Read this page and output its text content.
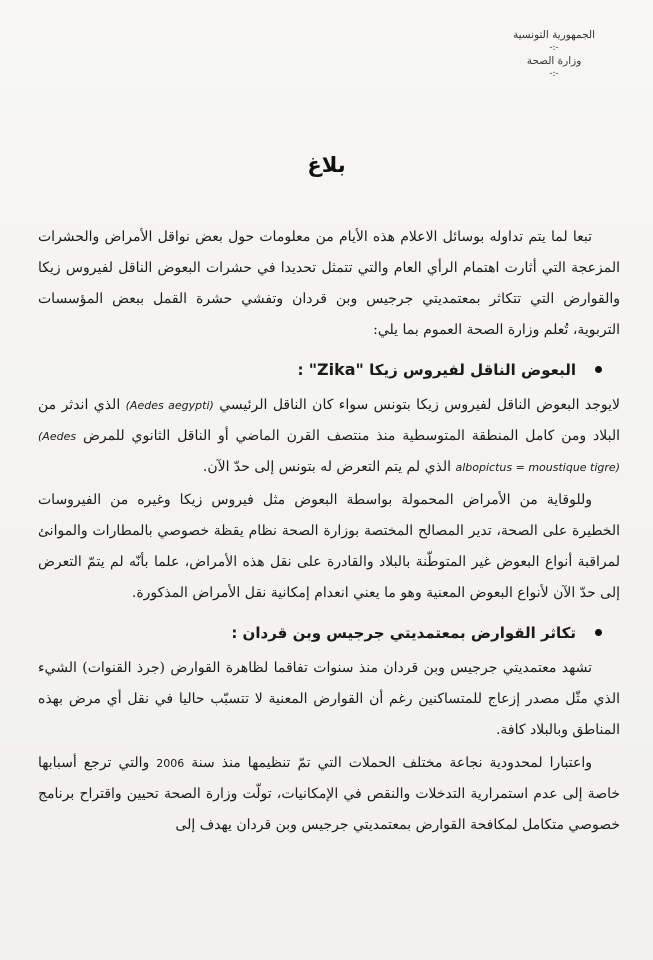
الجمهورية التونسية
-:-
وزارة الصحة
-:-
بلاغ

تبعا لما يتم تداوله بوسائل الاعلام هذه الأيام من معلومات حول بعض نواقل الأمراض والحشرات المزعجة التي أثارت اهتمام الرأي العام والتي تتمثل تحديدا في حشرات البعوض الناقل لفيروس زيكا والقوارض التي تتكاثر بمعتمديتي جرجيس وبن قردان وتفشي حشرة القمل ببعض المؤسسات التربوية، تُعلم وزارة الصحة العموم بما يلي:

البعوض الناقل لفيروس زيكا "Zika" :

لايوجد البعوض الناقل لفيروس زيكا بتونس سواء كان الناقل الرئيسي (Aedes aegypti) الذي اندثر من البلاد ومن كامل المنطقة المتوسطية منذ منتصف القرن الماضي أو الناقل الثانوي للمرض (Aedes albopictus = moustique tigre) الذي لم يتم التعرض له بتونس إلى حدّ الآن.

وللوقاية من الأمراض المحمولة بواسطة البعوض مثل فيروس زيكا وغيره من الفيروسات الخطيرة على الصحة، تدير المصالح المختصة بوزارة الصحة نظام يقظة خصوصي بالمطارات والموانئ لمراقبة أنواع البعوض غير المتوطّنة بالبلاد والقادرة على نقل هذه الأمراض، علما بأنّه لم يتمّ التعرض إلى حدّ الآن لأنواع البعوض المعنية وهو ما يعني انعدام إمكانية نقل الأمراض المذكورة.

تكاثر القوارض بمعتمديتي جرجيس وبن قردان :

تشهد معتمديتي جرجيس وبن قردان منذ سنوات تفاقما لظاهرة القوارض (جرذ القنوات) الشيء الذي مثّل مصدر إزعاج للمتساكنين رغم أن القوارض المعنية لا تتسبّب حاليا في نقل أي مرض بهذه المناطق وبالبلاد كافة.

واعتبارا لمحدودية نجاعة مختلف الحملات التي تمّ تنظيمها منذ سنة 2006 والتي ترجع أسبابها خاصة إلى عدم استمرارية التدخلات والنقص في الإمكانيات، تولّت وزارة الصحة تحيين واقتراح برنامج خصوصي متكامل لمكافحة القوارض بمعتمديتي جرجيس وبن قردان يهدف إلى
